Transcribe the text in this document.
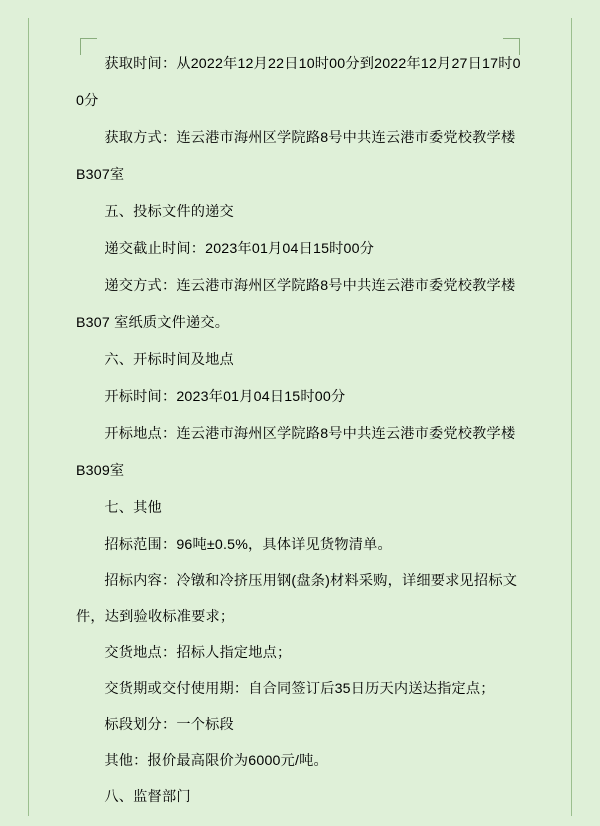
获取时间：从2022年12月22日10时00分到2022年12月27日17时00分

获取方式：连云港市海州区学院路8号中共连云港市委党校教学楼B307室

五、投标文件的递交

递交截止时间：2023年01月04日15时00分

递交方式：连云港市海州区学院路8号中共连云港市委党校教学楼 B307 室纸质文件递交。

六、开标时间及地点

开标时间：2023年01月04日15时00分

开标地点：连云港市海州区学院路8号中共连云港市委党校教学楼B309室

七、其他

招标范围：96吨±0.5%，具体详见货物清单。

招标内容：冷镦和冷挤压用钢(盘条)材料采购，详细要求见招标文件，达到验收标准要求；

交货地点：招标人指定地点；

交货期或交付使用期：自合同签订后35日历天内送达指定点；

标段划分：一个标段

其他：报价最高限价为6000元/吨。

八、监督部门
